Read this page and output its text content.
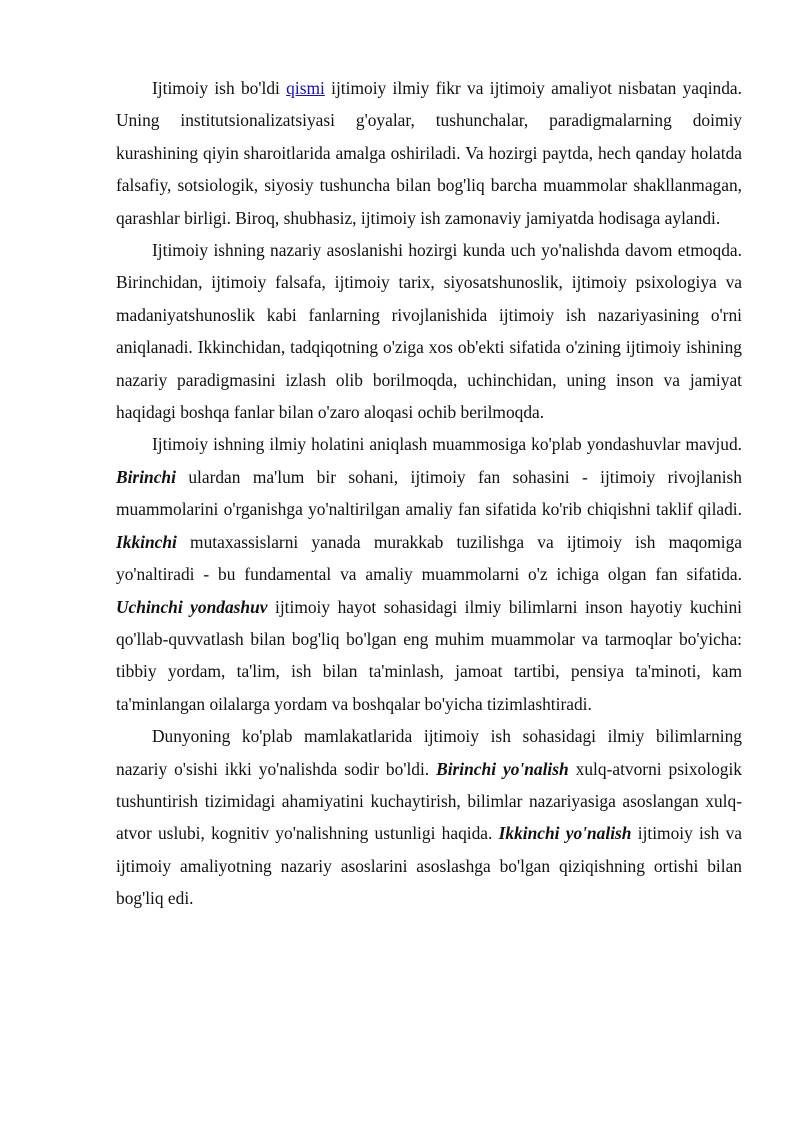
Ijtimoiy ish bo'ldi qismi ijtimoiy ilmiy fikr va ijtimoiy amaliyot nisbatan yaqinda. Uning institutsionalizatsiyasi g'oyalar, tushunchalar, paradigmalarning doimiy kurashining qiyin sharoitlarida amalga oshiriladi. Va hozirgi paytda, hech qanday holatda falsafiy, sotsiologik, siyosiy tushuncha bilan bog'liq barcha muammolar shakllanmagan, qarashlar birligi. Biroq, shubhasiz, ijtimoiy ish zamonaviy jamiyatda hodisaga aylandi.

Ijtimoiy ishning nazariy asoslanishi hozirgi kunda uch yo'nalishda davom etmoqda. Birinchidan, ijtimoiy falsafa, ijtimoiy tarix, siyosatshunoslik, ijtimoiy psixologiya va madaniyatshunoslik kabi fanlarning rivojlanishida ijtimoiy ish nazariyasining o'rni aniqlanadi. Ikkinchidan, tadqiqotning o'ziga xos ob'ekti sifatida o'zining ijtimoiy ishining nazariy paradigmasini izlash olib borilmoqda, uchinchidan, uning inson va jamiyat haqidagi boshqa fanlar bilan o'zaro aloqasi ochib berilmoqda.

Ijtimoiy ishning ilmiy holatini aniqlash muammosiga ko'plab yondashuvlar mavjud. Birinchi ulardan ma'lum bir sohani, ijtimoiy fan sohasini - ijtimoiy rivojlanish muammolarini o'rganishga yo'naltirilgan amaliy fan sifatida ko'rib chiqishni taklif qiladi. Ikkinchi mutaxassislarni yanada murakkab tuzilishga va ijtimoiy ish maqomiga yo'naltiradi - bu fundamental va amaliy muammolarni o'z ichiga olgan fan sifatida. Uchinchi yondashuv ijtimoiy hayot sohasidagi ilmiy bilimlarni inson hayotiy kuchini qo'llab-quvvatlash bilan bog'liq bo'lgan eng muhim muammolar va tarmoqlar bo'yicha: tibbiy yordam, ta'lim, ish bilan ta'minlash, jamoat tartibi, pensiya ta'minoti, kam ta'minlangan oilalarga yordam va boshqalar bo'yicha tizimlashtiradi.

Dunyoning ko'plab mamlakatlarida ijtimoiy ish sohasidagi ilmiy bilimlarning nazariy o'sishi ikki yo'nalishda sodir bo'ldi. Birinchi yo'nalish xulq-atvorni psixologik tushuntirish tizimidagi ahamiyatini kuchaytirish, bilimlar nazariyasiga asoslangan xulq-atvor uslubi, kognitiv yo'nalishning ustunligi haqida. Ikkinchi yo'nalish ijtimoiy ish va ijtimoiy amaliyotning nazariy asoslarini asoslashga bo'lgan qiziqishning ortishi bilan bog'liq edi.
